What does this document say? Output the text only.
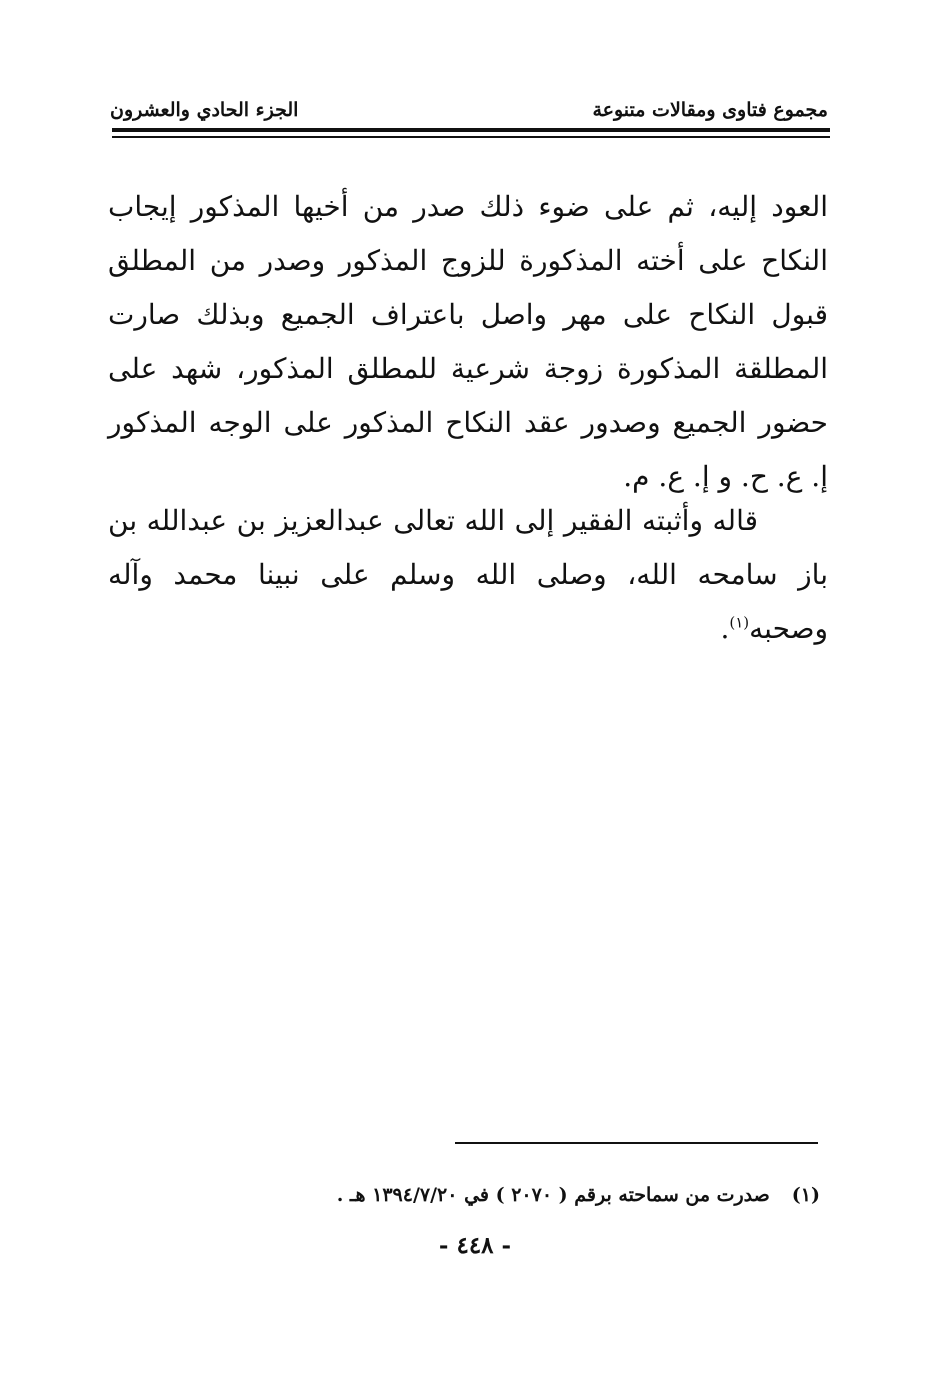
مجموع فتاوى ومقالات متنوعة
الجزء الحادي والعشرون

العود إليه، ثم على ضوء ذلك صدر من أخيها المذكور إيجاب النكاح على أخته المذكورة للزوج المذكور وصدر من المطلق قبول النكاح على مهر واصل باعتراف الجميع وبذلك صارت المطلقة المذكورة زوجة شرعية للمطلق المذكور، شهد على حضور الجميع وصدور عقد النكاح المذكور على الوجه المذكور إ. ع. ح. و إ. ع. م.

قاله وأثبته الفقير إلى الله تعالى عبدالعزيز بن عبدالله بن باز سامحه الله، وصلى الله وسلم على نبينا محمد وآله وصحبه$^{(١)}$.

(١)صدرت من سماحته برقم ( ٢٠٧٠ ) في ١٣٩٤/٧/٢٠ هـ .
- ٤٤٨ -
